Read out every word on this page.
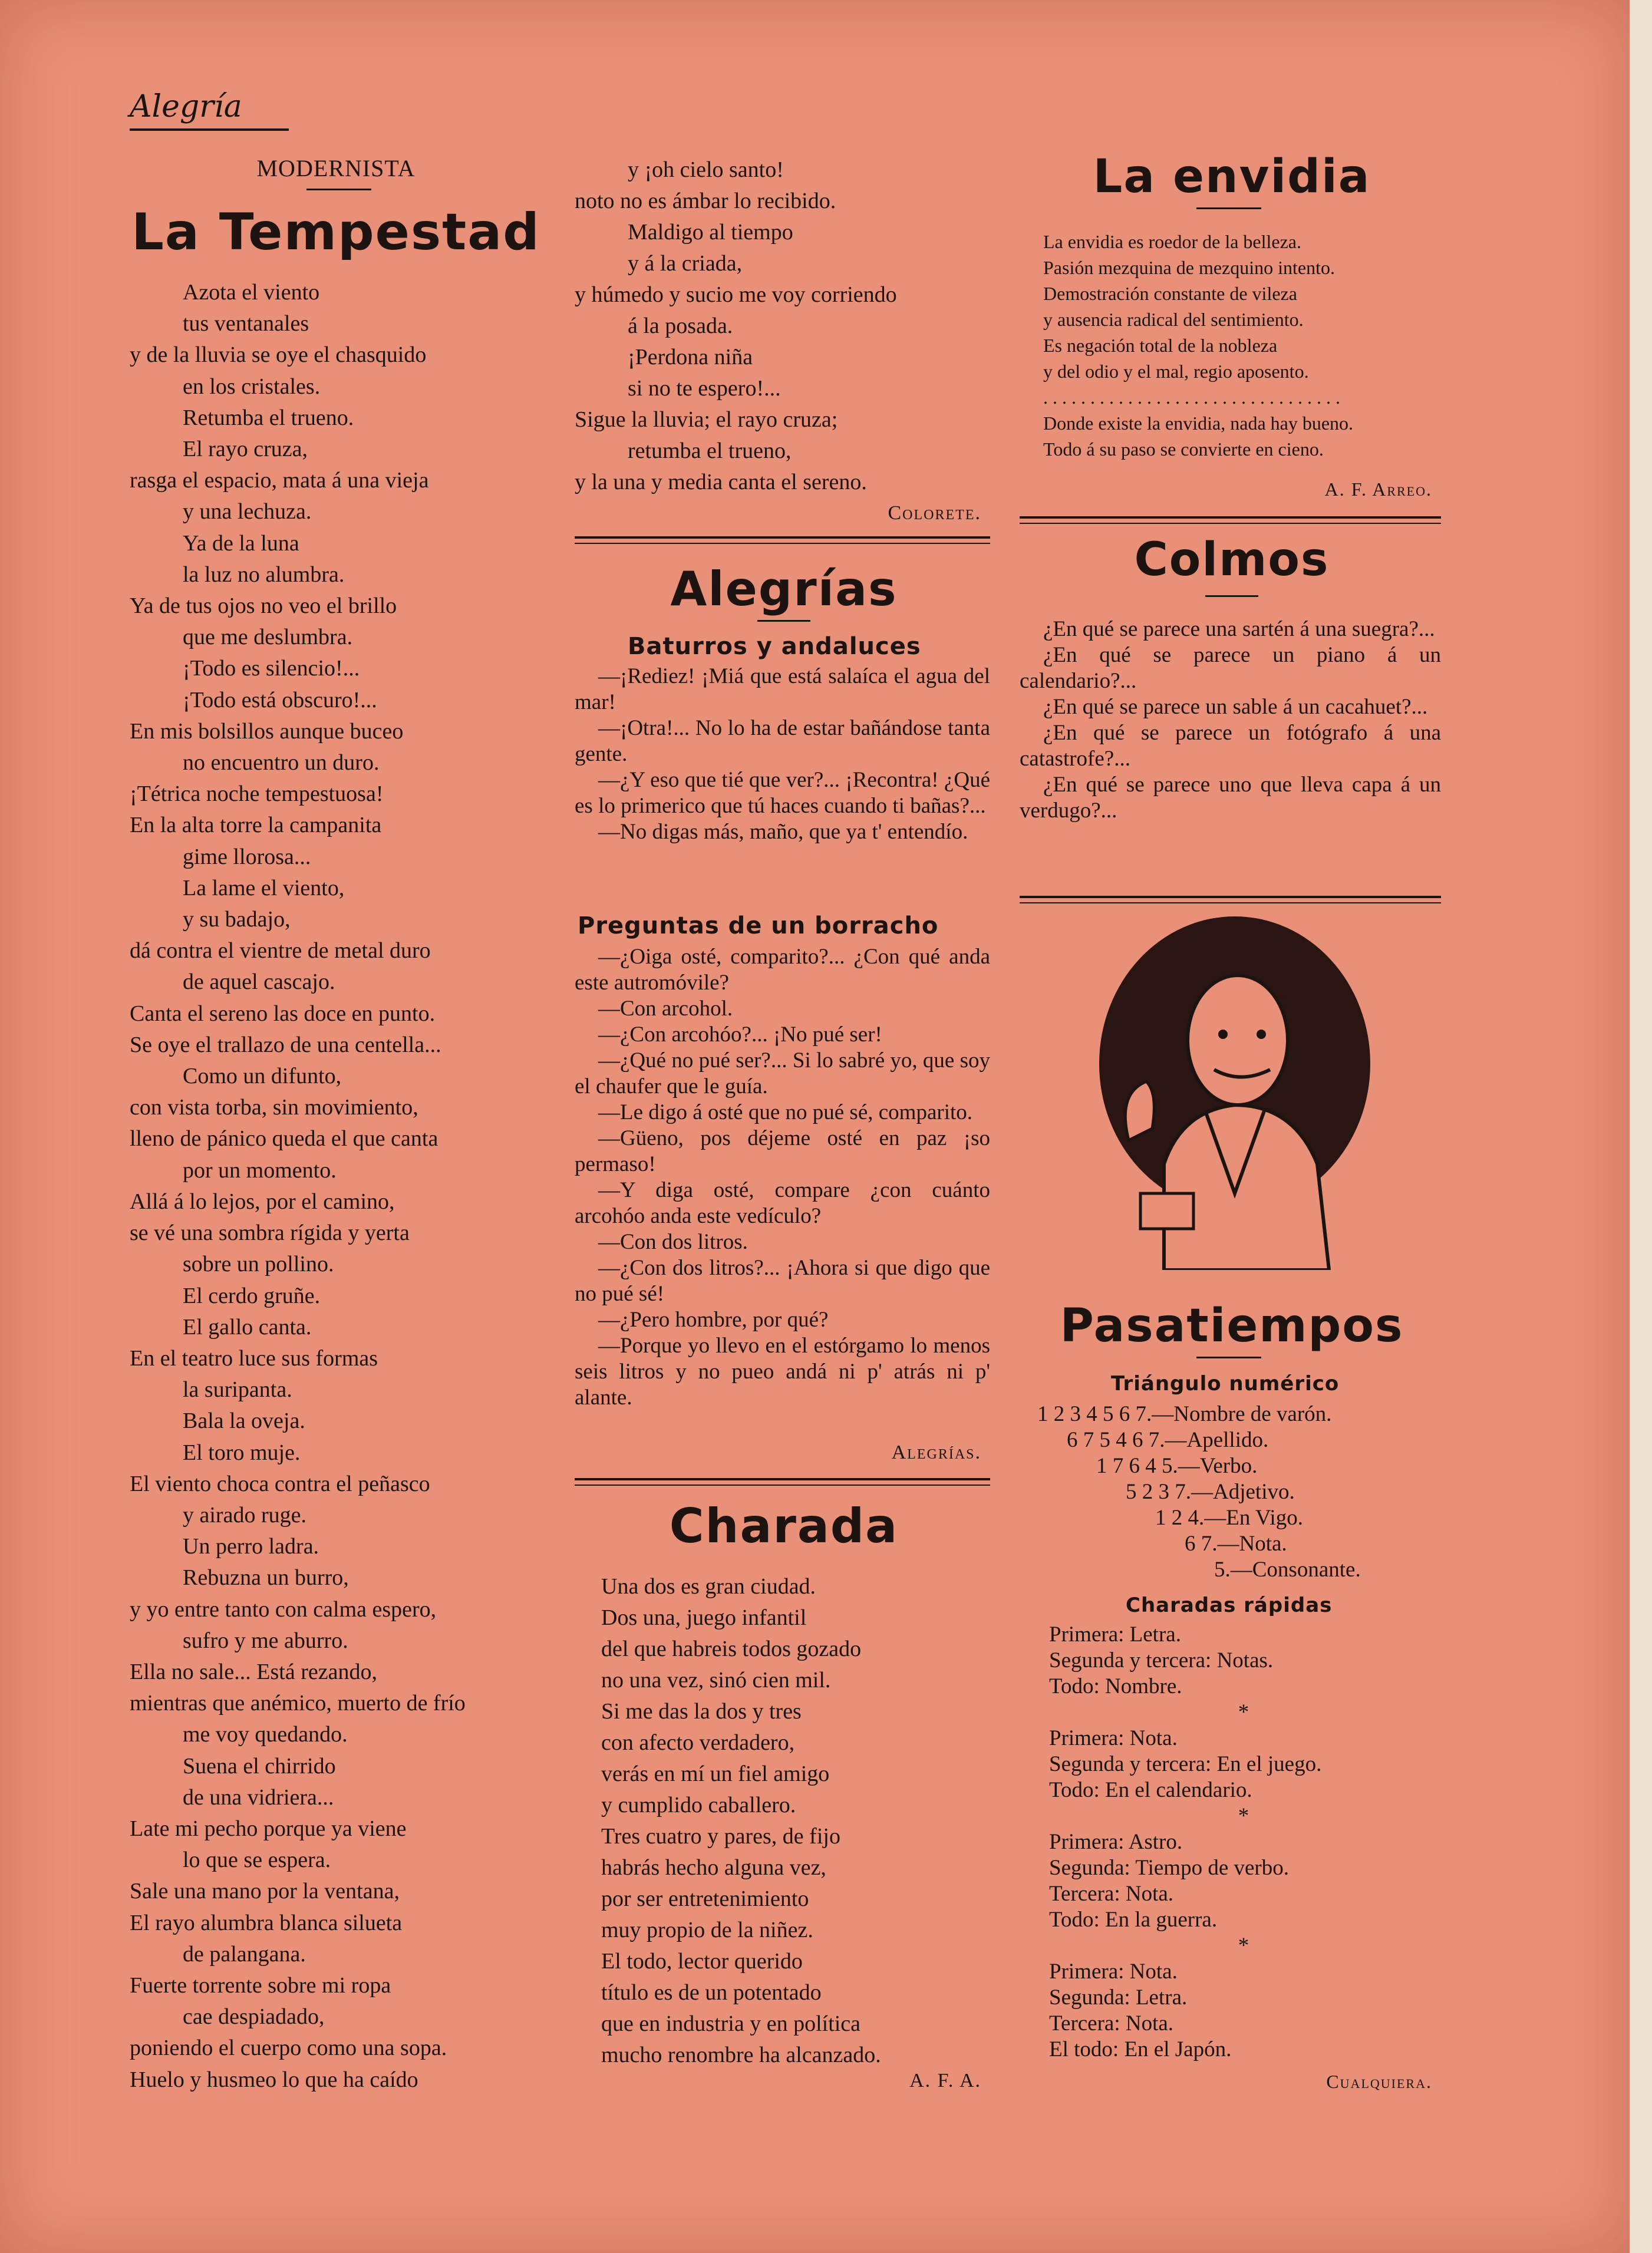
Alegría
MODERNISTA
La Tempestad
Azota el viento
tus ventanales
y de la lluvia se oye el chasquido
en los cristales.
Retumba el trueno.
El rayo cruza,
rasga el espacio, mata á una vieja
y una lechuza.
Ya de la luna
la luz no alumbra.
Ya de tus ojos no veo el brillo
que me deslumbra.
¡Todo es silencio!...
¡Todo está obscuro!...
En mis bolsillos aunque buceo
no encuentro un duro.
¡Tétrica noche tempestuosa!
En la alta torre la campanita
gime llorosa...
La lame el viento,
y su badajo,
dá contra el vientre de metal duro
de aquel cascajo.
Canta el sereno las doce en punto.
Se oye el trallazo de una centella...
Como un difunto,
con vista torba, sin movimiento,
lleno de pánico queda el que canta
por un momento.
Allá á lo lejos, por el camino,
se vé una sombra rígida y yerta
sobre un pollino.
El cerdo gruñe.
El gallo canta.
En el teatro luce sus formas
la suripanta.
Bala la oveja.
El toro muje.
El viento choca contra el peñasco
y airado ruge.
Un perro ladra.
Rebuzna un burro,
y yo entre tanto con calma espero,
sufro y me aburro.
Ella no sale... Está rezando,
mientras que anémico, muerto de frío
me voy quedando.
Suena el chirrido
de una vidriera...
Late mi pecho porque ya viene
lo que se espera.
Sale una mano por la ventana,
El rayo alumbra blanca silueta
de palangana.
Fuerte torrente sobre mi ropa
cae despiadado,
poniendo el cuerpo como una sopa.
Huelo y husmeo lo que ha caído
y ¡oh cielo santo!
noto no es ámbar lo recibido.
Maldigo al tiempo
y á la criada,
y húmedo y sucio me voy corriendo
á la posada.
¡Perdona niña
si no te espero!...
Sigue la lluvia; el rayo cruza;
retumba el trueno,
y la una y media canta el sereno.
Colorete.
Alegrías
Baturros y andaluces

—¡Rediez! ¡Miá que está salaíca el agua del mar!

—¡Otra!... No lo ha de estar bañándose tanta gente.

—¿Y eso que tié que ver?... ¡Recontra! ¿Qué es lo primerico que tú haces cuando ti bañas?...

—No digas más, maño, que ya t' entendío.

Preguntas de un borracho

—¿Oiga osté, comparito?... ¿Con qué anda este autromóvile?

—Con arcohol.

—¿Con arcohóo?... ¡No pué ser!

—¿Qué no pué ser?... Si lo sabré yo, que soy el chaufer que le guía.

—Le digo á osté que no pué sé, comparito.

—Güeno, pos déjeme osté en paz ¡so permaso!

—Y diga osté, compare ¿con cuánto arcohóo anda este vedículo?

—Con dos litros.

—¿Con dos litros?... ¡Ahora si que digo que no pué sé!

—¿Pero hombre, por qué?

—Porque yo llevo en el estórgamo lo menos seis litros y no pueo andá ni p' atrás ni p' alante.

Alegrías.
Charada
Una dos es gran ciudad.
Dos una, juego infantil
del que habreis todos gozado
no una vez, sinó cien mil.
Si me das la dos y tres
con afecto verdadero,
verás en mí un fiel amigo
y cumplido caballero.
Tres cuatro y pares, de fijo
habrás hecho alguna vez,
por ser entretenimiento
muy propio de la niñez.
El todo, lector querido
título es de un potentado
que en industria y en política
mucho renombre ha alcanzado.
A. F. A.
La envidia
La envidia es roedor de la belleza.
Pasión mezquina de mezquino intento.
Demostración constante de vileza
y ausencia radical del sentimiento.
Es negación total de la nobleza
y del odio y el mal, regio aposento.
. . . . . . . . . . . . . . . . . . . . . . . . . . . . . . . .
Donde existe la envidia, nada hay bueno.
Todo á su paso se convierte en cieno.
A. F. Arreo.
Colmos

¿En qué se parece una sartén á una suegra?...

¿En qué se parece un piano á un calendario?...

¿En qué se parece un sable á un cacahuet?...

¿En qué se parece un fotógrafo á una catastrofe?...

¿En qué se parece uno que lleva capa á un verdugo?...

Pasatiempos
Triángulo numérico
1 2 3 4 5 6 7.—Nombre de varón.
6 7 5 4 6 7.—Apellido.
1 7 6 4 5.—Verbo.
5 2 3 7.—Adjetivo.
1 2 4.—En Vigo.
6 7.—Nota.
5.—Consonante.
Charadas rápidas
Primera: Letra.
Segunda y tercera: Notas.
Todo: Nombre.
*
Primera: Nota.
Segunda y tercera: En el juego.
Todo: En el calendario.
*
Primera: Astro.
Segunda: Tiempo de verbo.
Tercera: Nota.
Todo: En la guerra.
*
Primera: Nota.
Segunda: Letra.
Tercera: Nota.
El todo: En el Japón.
Cualquiera.
